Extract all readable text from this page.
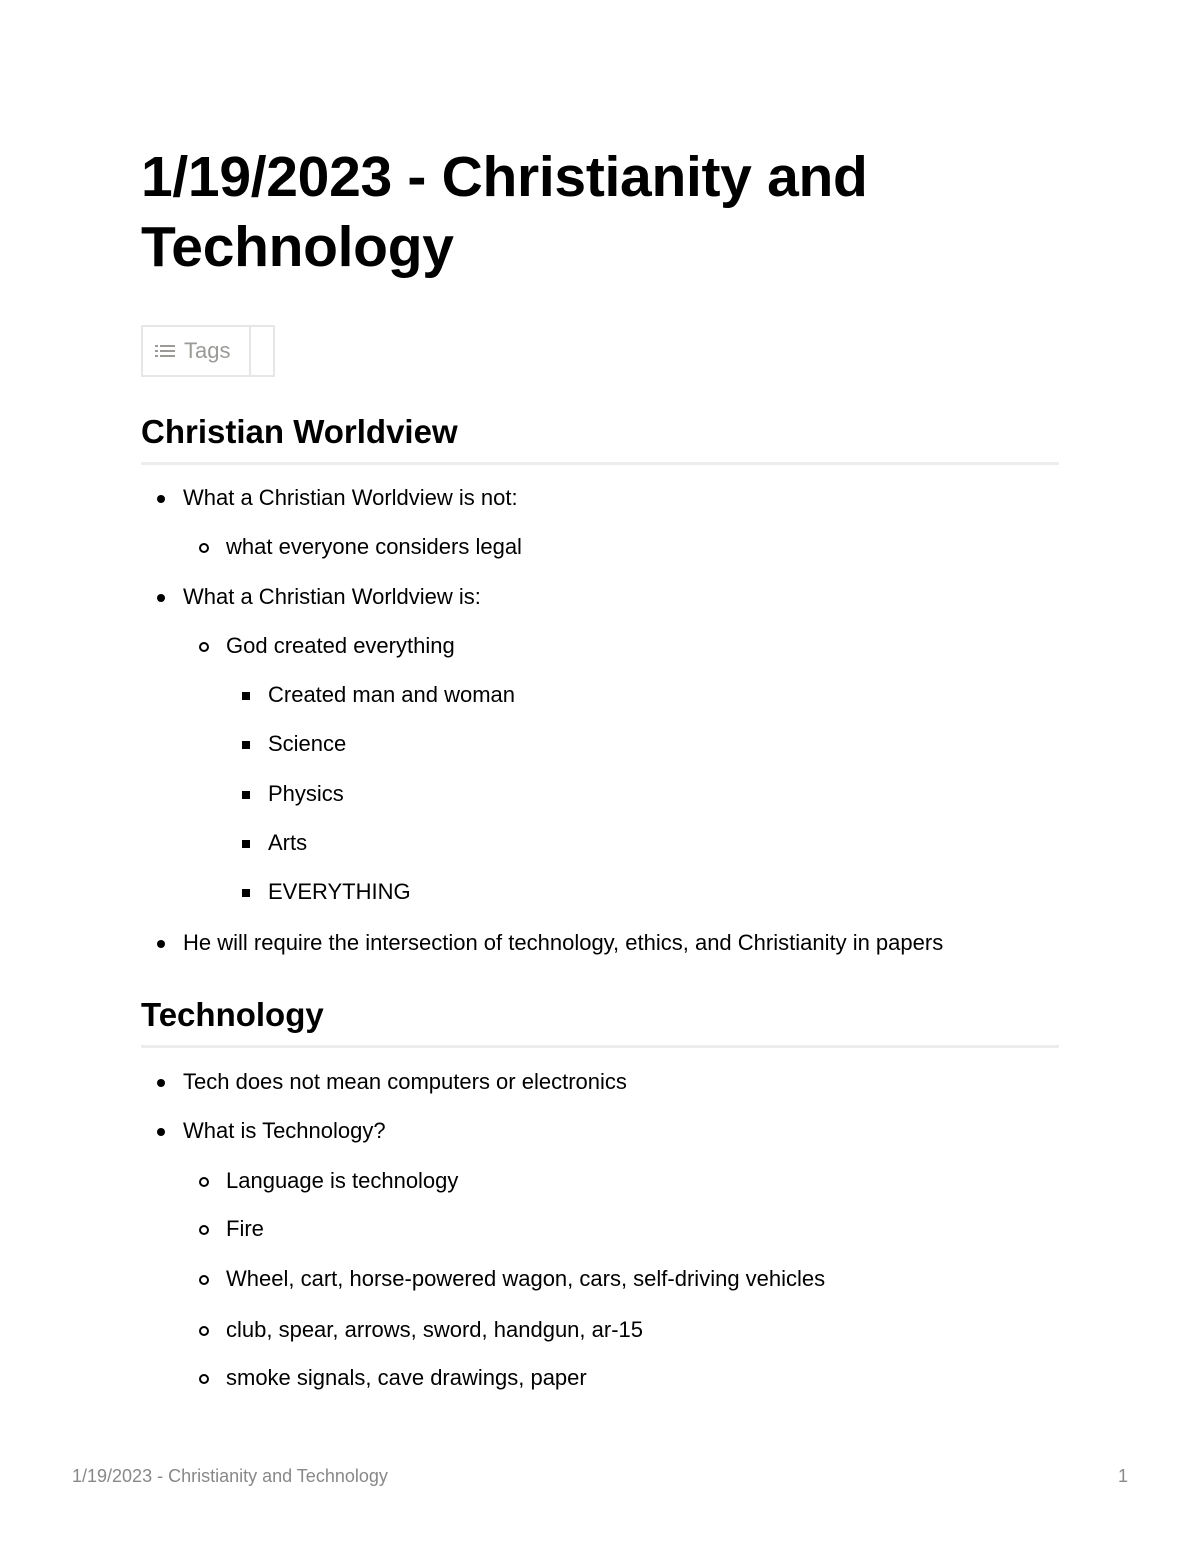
1/19/2023 - Christianity and Technology
Tags
Christian Worldview
What a Christian Worldview is not:
what everyone considers legal
What a Christian Worldview is:
God created everything
Created man and woman
Science
Physics
Arts
EVERYTHING
He will require the intersection of technology, ethics, and Christianity in papers
Technology
Tech does not mean computers or electronics
What is Technology?
Language is technology
Fire
Wheel, cart, horse-powered wagon, cars, self-driving vehicles
club, spear, arrows, sword, handgun, ar-15
smoke signals, cave drawings, paper
1/19/2023 - Christianity and Technology	1
